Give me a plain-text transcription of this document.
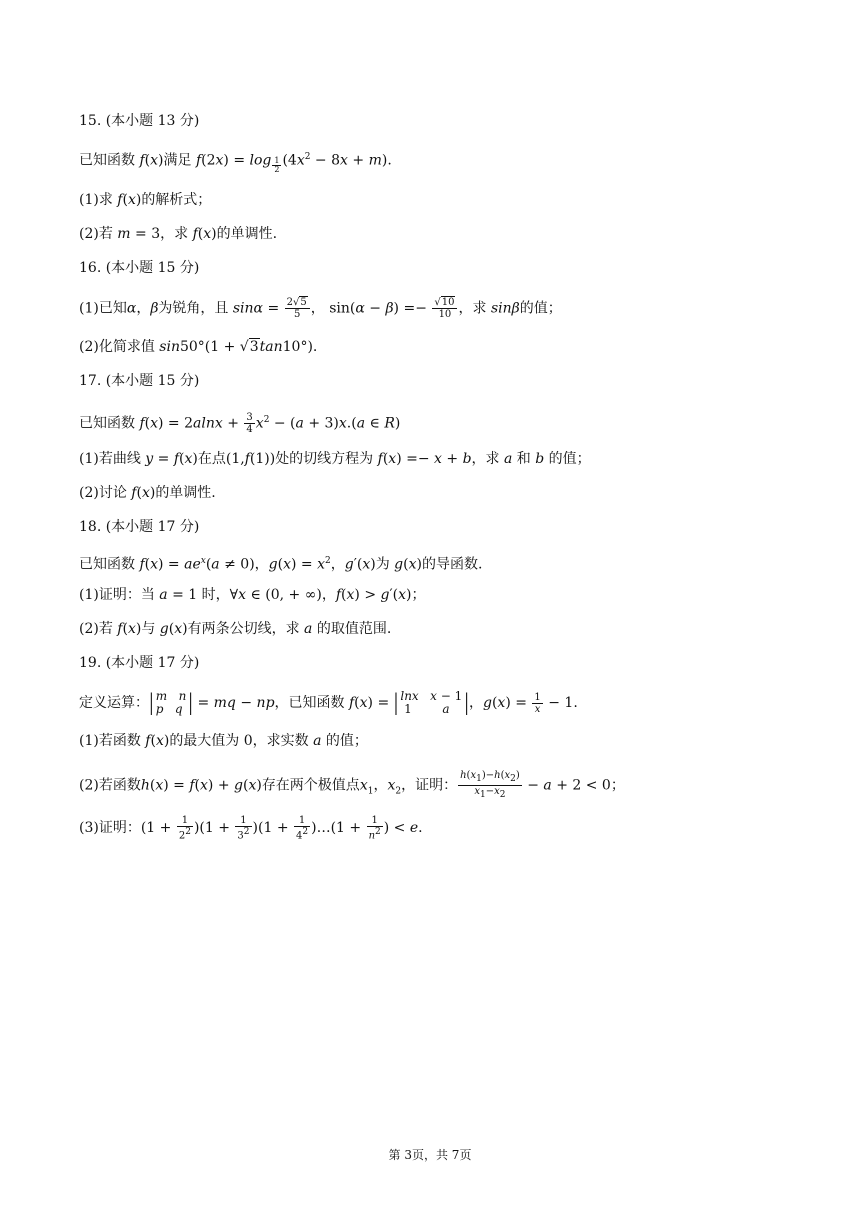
15. (本小题 13 分)
已知函数 f(x)满足 f(2x) = log $_{\frac{1}{2}}$ $(4x^2 - 8x + m)$.
(1)求 f(x)的解析式；
(2)若 m = 3，求 f(x)的单调性.
16. (本小题 15 分)
(1)已知α，β为锐角，且 $\sin\alpha = \frac{2√5}{5}$ ， $\sin(\alpha - \beta) =- \frac{√10}{10}$ ，求 sinβ的值；
(2)化简求值 sin50°(1 + √3tan10°).
17. (本小题 15 分)
已知函数 $f(x) = 2alnx + \frac{3}{4} x^2 - (a + 3)x.(a$ ∈ R)
(1)若曲线 y = f(x)在点(1,f(1))处的切线方程为 f(x) =− x + b，求 a 和 b 的值；
(2)讨论 f(x)的单调性.
18. (本小题 17 分)
已知函数 $f(x) = ae^x(a \ne 0)$，$g(x) = x^2$，g′(x)为 g(x)的导函数.
(1)证明：当 a = 1 时，∀x ∈ (0, + ∞)，f(x) > g′(x)；
(2)若 f(x)与 g(x)有两条公切线，求 a 的取值范围.
19. (本小题 17 分)
定义运算：| m n
p q | = mq − np，已知函数 f(x) = | lnx x − 1
1        a |，$g(x) = \frac{1}{x} - 1$.
(1)若函数 f(x)的最大值为 0，求实数 a 的值；
(2)若函数h(x) = f(x) + g(x)存在两个极值点$x_1$，$x_2$，证明： $\frac{h(x_1)-h(x_2)}{x_1-x_2} - a + 2 < 0$；
(3)证明：$(1 + \frac{1}{2^2} )(1 + \frac{1}{3^2} )(1 + \frac{1}{4^2}$ )…(1 + $\frac{1}{n^2}$ ) < e.
第 3页，共 7页
